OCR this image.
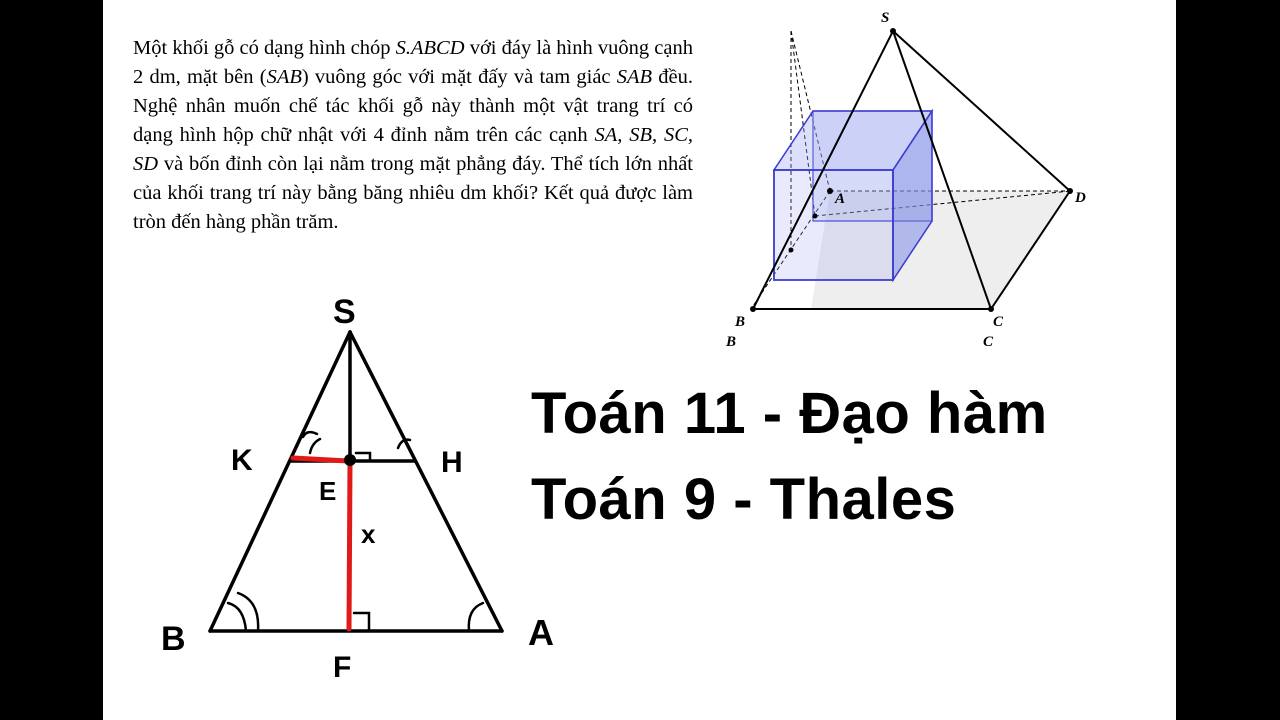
Một khối gỗ có dạng hình chóp S.ABCD với đáy là hình vuông cạnh 2 dm, mặt bên (SAB) vuông góc với mặt đấy và tam giác SAB đều. Nghệ nhân muốn chế tác khối gỗ này thành một vật trang trí có dạng hình hộp chữ nhật với 4 đỉnh nằm trên các cạnh SA, SB, SC, SD và bốn đỉnh còn lại nằm trong mặt phẳng đáy. Thể tích lớn nhất của khối trang trí này bằng băng nhiêu dm khối? Kết quả được làm tròn đến hàng phần trăm.

S
A	D
B	C
B	C
S
K	H
E
x
B	A
F
Toán 11 - Đạo hàm
Toán 9 - Thales
